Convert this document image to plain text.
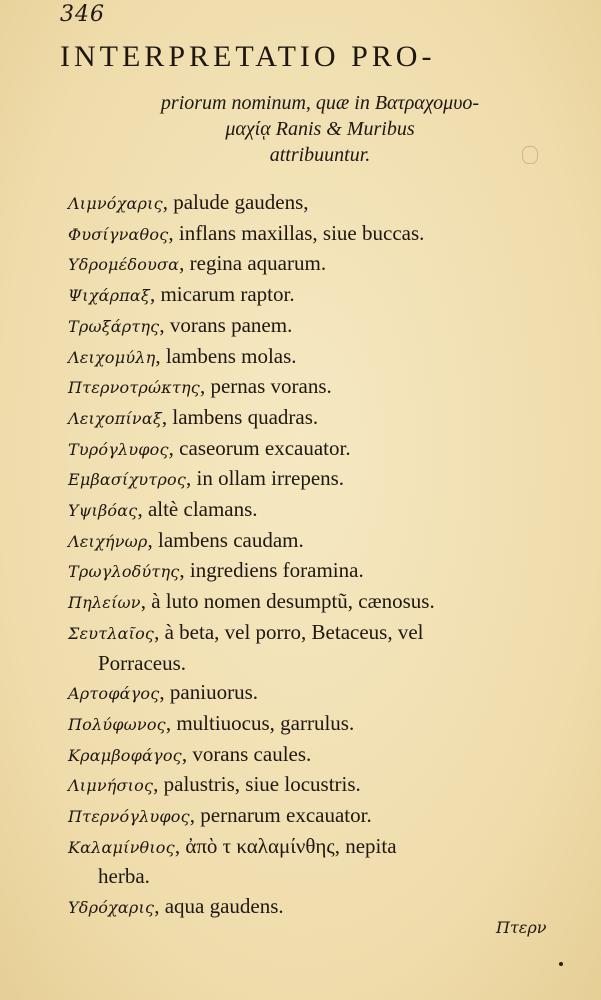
346
INTERPRETATIO PRO-
priorum nominum, quæ in Βατραχομυο-
μαχίᾳ Ranis & Muribus
attribuuntur.
Λιμνόχαρις, palude gaudens,
Φυσίγναθος, inflans maxillas, siue buccas.
Υδρομέδουσα, regina aquarum.
Ψιχάρπαξ, micarum raptor.
Τρωξάρτης, vorans panem.
Λειχομύλη, lambens molas.
Πτερνοτρώκτης, pernas vorans.
Λειχοπίναξ, lambens quadras.
Τυρόγλυφος, caseorum excauator.
Εμβασίχυτρος, in ollam irrepens.
Υψιβόας, altè clamans.
Λειχήνωρ, lambens caudam.
Τρωγλοδύτης, ingrediens foramina.
Πηλείων, à luto nomen desumptũ, cænosus.
Σευτλαῖος, à beta, vel porro, Betaceus, vel
Porraceus.
Αρτοφάγος, paniuorus.
Πολύφωνος, multiuocus, garrulus.
Κραμβοφάγος, vorans caules.
Λιμνήσιος, palustris, siue locustris.
Πτερνόγλυφος, pernarum excauator.
Καλαμίνθιος, ἀπὸ τ καλαμίνθης, nepita
herba.
Υδρόχαρις, aqua gaudens.
Πτερν
